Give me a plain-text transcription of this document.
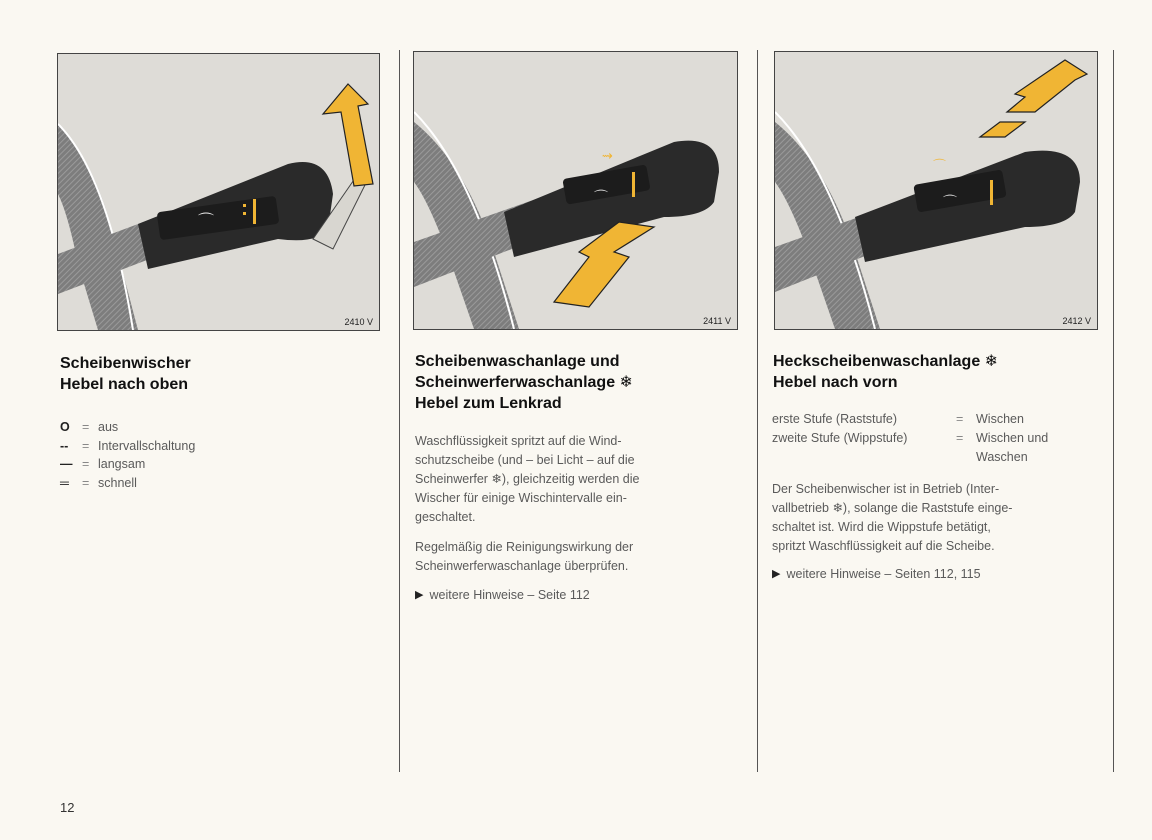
⌒
2410 V
⌒
⇝
2411 V
⌒
⌒
2412 V
Scheibenwischer
Hebel nach oben
O = aus
--	= Intervallschaltung
— = langsam
═	= schnell
Scheibenwaschanlage und
Scheinwerferwaschanlage ❄
Hebel zum Lenkrad
Waschflüssigkeit spritzt auf die Wind-
schutzscheibe (und – bei Licht – auf die
Scheinwerfer ❄), gleichzeitig werden die
Wischer für einige Wischintervalle ein-
geschaltet.
Regelmäßig die Reinigungswirkung der
Scheinwerferwaschanlage überprüfen.
▶ weitere Hinweise – Seite 112
Heckscheibenwaschanlage ❄
Hebel nach vorn
erste Stufe (Raststufe)	=	Wischen
zweite Stufe (Wippstufe)	=	Wischen und
Waschen
Der Scheibenwischer ist in Betrieb (Inter-
vallbetrieb ❄), solange die Raststufe einge-
schaltet ist. Wird die Wippstufe betätigt,
spritzt Waschflüssigkeit auf die Scheibe.
▶ weitere Hinweise – Seiten 112, 115
12
